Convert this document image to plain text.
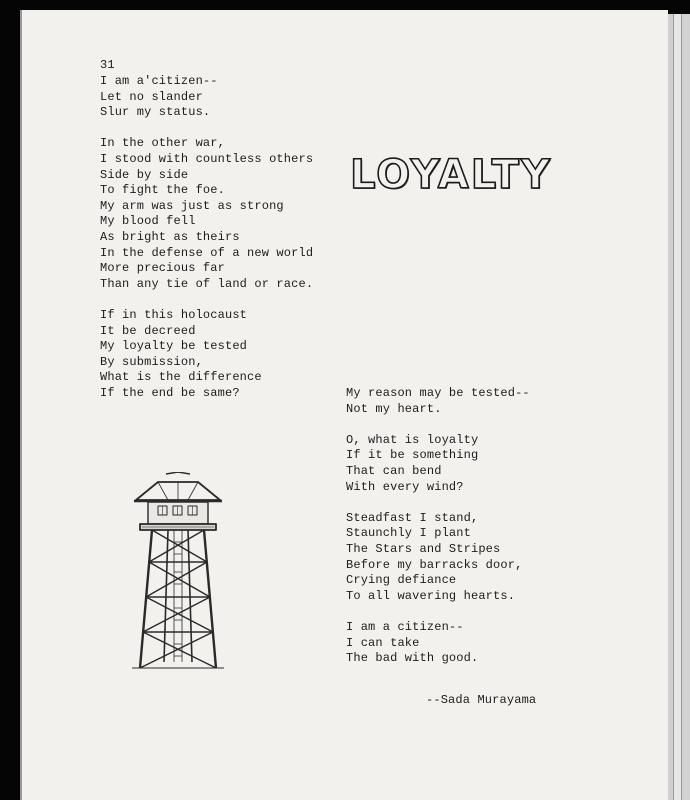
31
I am a'citizen--
Let no slander
Slur my status.

In the other war,
I stood with countless others
Side by side
To fight the foe.
My arm was just as strong
My blood fell
As bright as theirs
In the defense of a new world
More precious far
Than any tie of land or race.

If in this holocaust
It be decreed
My loyalty be tested
By submission,
What is the difference
If the end be same?
LOYALTY
My reason may be tested--
Not my heart.

O, what is loyalty
If it be something
That can bend
With every wind?

Steadfast I stand,
Staunchly I plant
The Stars and Stripes
Before my barracks door,
Crying defiance
To all wavering hearts.

I am a citizen--
I can take
The bad with good.
--Sada Murayama
